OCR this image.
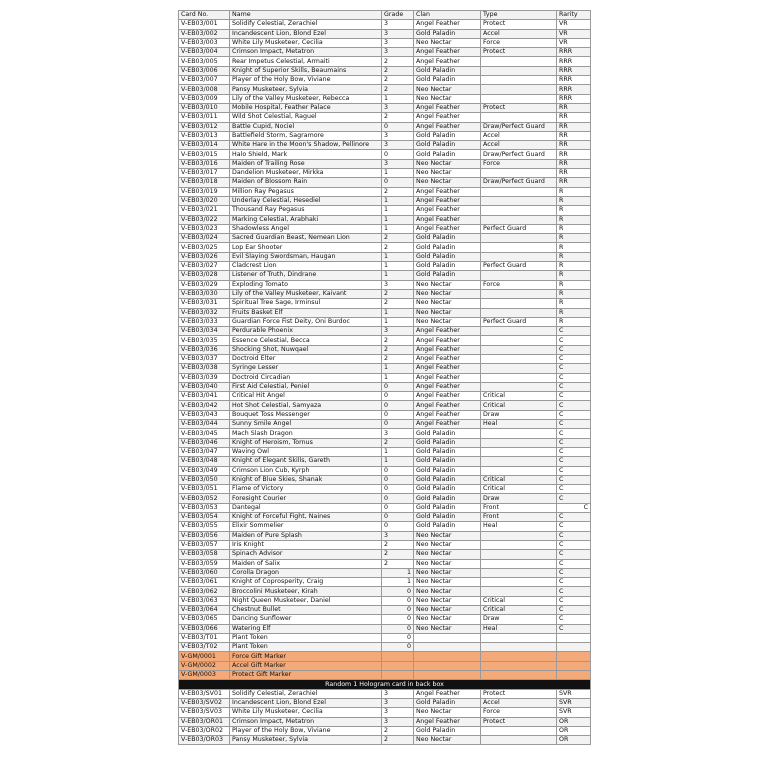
Card No.	Name	Grade	Clan	Type	Rarity
V-EB03/001	Solidify Celestial, Zerachiel	3	Angel Feather	Protect	VR
V-EB03/002	Incandescent Lion, Blond Ezel	3	Gold Paladin	Accel	VR
V-EB03/003	White Lily Musketeer, Cecilia	3	Neo Nectar	Force	VR
V-EB03/004	Crimson Impact, Metatron	3	Angel Feather	Protect	RRR
V-EB03/005	Rear Impetus Celestial, Armaiti	2	Angel Feather		RRR
V-EB03/006	Knight of Superior Skills, Beaumains	2	Gold Paladin		RRR
V-EB03/007	Player of the Holy Bow, Viviane	2	Gold Paladin		RRR
V-EB03/008	Pansy Musketeer, Sylvia	2	Neo Nectar		RRR
V-EB03/009	Lily of the Valley Musketeer, Rebecca	1	Neo Nectar		RRR
V-EB03/010	Mobile Hospital, Feather Palace	3	Angel Feather	Protect	RR
V-EB03/011	Wild Shot Celestial, Raguel	2	Angel Feather		RR
V-EB03/012	Battle Cupid, Nociel	0	Angel Feather	Draw/Perfect Guard	RR
V-EB03/013	Battlefield Storm, Sagramore	3	Gold Paladin	Accel	RR
V-EB03/014	White Hare in the Moon's Shadow, Pellinore	3	Gold Paladin	Accel	RR
V-EB03/015	Halo Shield, Mark	0	Gold Paladin	Draw/Perfect Guard	RR
V-EB03/016	Maiden of Trailing Rose	3	Neo Nectar	Force	RR
V-EB03/017	Dandelion Musketeer, Mirkka	1	Neo Nectar		RR
V-EB03/018	Maiden of Blossom Rain	0	Neo Nectar	Draw/Perfect Guard	RR
V-EB03/019	Million Ray Pegasus	2	Angel Feather		R
V-EB03/020	Underlay Celestial, Hesediel	1	Angel Feather		R
V-EB03/021	Thousand Ray Pegasus	1	Angel Feather		R
V-EB03/022	Marking Celestial, Arabhaki	1	Angel Feather		R
V-EB03/023	Shadowless Angel	1	Angel Feather	Perfect Guard	R
V-EB03/024	Sacred Guardian Beast, Nemean Lion	2	Gold Paladin		R
V-EB03/025	Lop Ear Shooter	2	Gold Paladin		R
V-EB03/026	Evil Slaying Swordsman, Haugan	1	Gold Paladin		R
V-EB03/027	Cladcrest Lion	1	Gold Paladin	Perfect Guard	R
V-EB03/028	Listener of Truth, Dindrane	1	Gold Paladin		R
V-EB03/029	Exploding Tomato	3	Neo Nectar	Force	R
V-EB03/030	Lily of the Valley Musketeer, Kaivant	2	Neo Nectar		R
V-EB03/031	Spiritual Tree Sage, Irminsul	2	Neo Nectar		R
V-EB03/032	Fruits Basket Elf	1	Neo Nectar		R
V-EB03/033	Guardian Force Fist Deity, Oni Burdoc	1	Neo Nectar	Perfect Guard	R
V-EB03/034	Perdurable Phoenix	3	Angel Feather		C
V-EB03/035	Essence Celestial, Becca	2	Angel Feather		C
V-EB03/036	Shocking Shot, Nuwqael	2	Angel Feather		C
V-EB03/037	Doctroid Elter	2	Angel Feather		C
V-EB03/038	Syringe Lesser	1	Angel Feather		C
V-EB03/039	Doctroid Circadian	1	Angel Feather		C
V-EB03/040	First Aid Celestial, Peniel	0	Angel Feather		C
V-EB03/041	Critical Hit Angel	0	Angel Feather	Critical	C
V-EB03/042	Hot Shot Celestial, Samyaza	0	Angel Feather	Critical	C
V-EB03/043	Bouquet Toss Messenger	0	Angel Feather	Draw	C
V-EB03/044	Sunny Smile Angel	0	Angel Feather	Heal	C
V-EB03/045	Mach Slash Dragon	3	Gold Paladin		C
V-EB03/046	Knight of Heroism, Tornus	2	Gold Paladin		C
V-EB03/047	Waving Owl	1	Gold Paladin		C
V-EB03/048	Knight of Elegant Skills, Gareth	1	Gold Paladin		C
V-EB03/049	Crimson Lion Cub, Kyrph	0	Gold Paladin		C
V-EB03/050	Knight of Blue Skies, Shanak	0	Gold Paladin	Critical	C
V-EB03/051	Flame of Victory	0	Gold Paladin	Critical	C
V-EB03/052	Foresight Courier	0	Gold Paladin	Draw	C
V-EB03/053	Dantegal	0	Gold Paladin	Front	C
V-EB03/054	Knight of Forceful Fight, Naines	0	Gold Paladin	Front	C
V-EB03/055	Elixir Sommelier	0	Gold Paladin	Heal	C
V-EB03/056	Maiden of Pure Splash	3	Neo Nectar		C
V-EB03/057	Iris Knight	2	Neo Nectar		C
V-EB03/058	Spinach Advisor	2	Neo Nectar		C
V-EB03/059	Maiden of Salix	2	Neo Nectar		C
V-EB03/060	Corolla Dragon	1	Neo Nectar		C
V-EB03/061	Knight of Coprosperity, Craig	1	Neo Nectar		C
V-EB03/062	Broccolini Musketeer, Kirah	0	Neo Nectar		C
V-EB03/063	Night Queen Musketeer, Daniel	0	Neo Nectar	Critical	C
V-EB03/064	Chestnut Bullet	0	Neo Nectar	Critical	C
V-EB03/065	Dancing Sunflower	0	Neo Nectar	Draw	C
V-EB03/066	Watering Elf	0	Neo Nectar	Heal	C
V-EB03/T01	Plant Token	0			
V-EB03/T02	Plant Token	0			
V-GM/0001	Force Gift Marker				
V-GM/0002	Accel Gift Marker				
V-GM/0003	Protect Gift Marker				
Random 1 Hologram card in back box					
V-EB03/SV01	Solidify Celestial, Zerachiel	3	Angel Feather	Protect	SVR
V-EB03/SV02	Incandescent Lion, Blond Ezel	3	Gold Paladin	Accel	SVR
V-EB03/SV03	White Lily Musketeer, Cecilia	3	Neo Nectar	Force	SVR
V-EB03/OR01	Crimson Impact, Metatron	3	Angel Feather	Protect	OR
V-EB03/OR02	Player of the Holy Bow, Viviane	2	Gold Paladin		OR
V-EB03/OR03	Pansy Musketeer, Sylvia	2	Neo Nectar		OR
